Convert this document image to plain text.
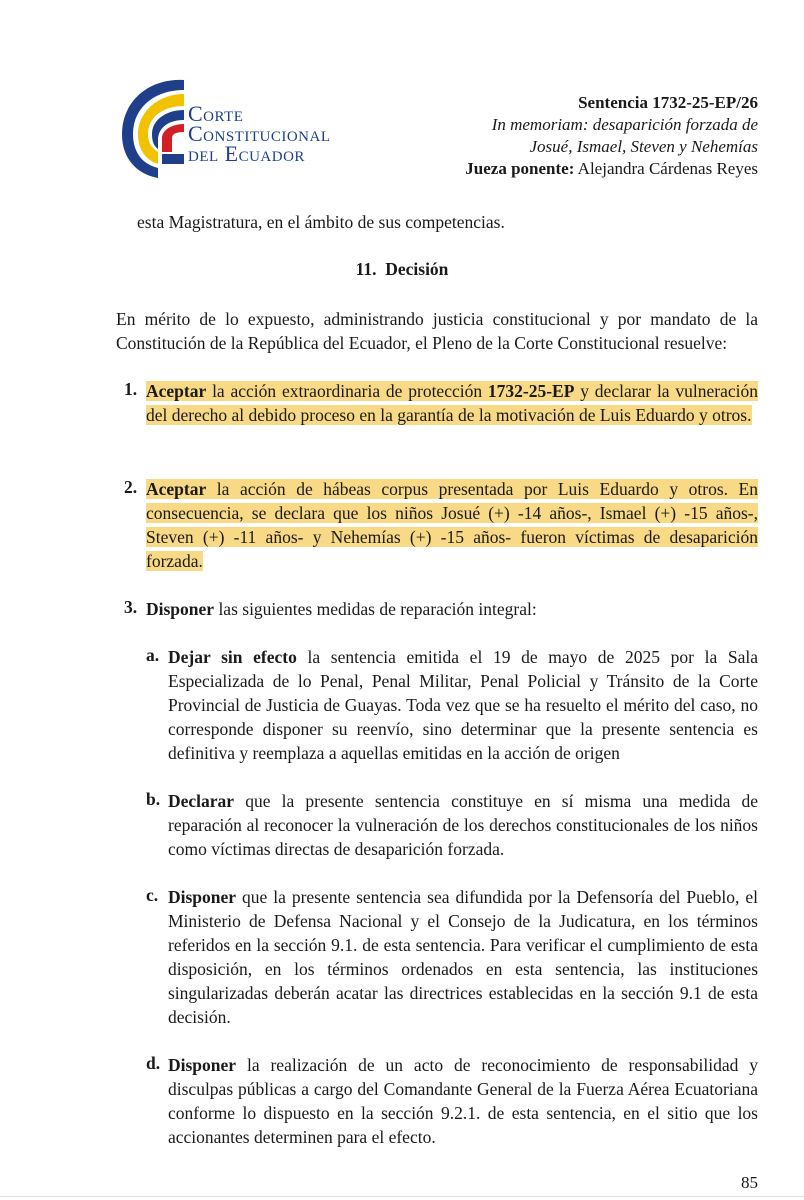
Corte
Constitucional
del Ecuador
Sentencia 1732-25-EP/26
In memoriam: desaparición forzada de
Josué, Ismael, Steven y Nehemías
Jueza ponente: Alejandra Cárdenas Reyes
esta Magistratura, en el ámbito de sus competencias.
11. Decisión
En mérito de lo expuesto, administrando justicia constitucional y por mandato de la Constitución de la República del Ecuador, el Pleno de la Corte Constitucional resuelve:
1. Aceptar la acción extraordinaria de protección 1732-25-EP y declarar la vulneración del derecho al debido proceso en la garantía de la motivación de Luis Eduardo y otros.
2. Aceptar la acción de hábeas corpus presentada por Luis Eduardo y otros. En consecuencia, se declara que los niños Josué (+) -14 años-, Ismael (+) -15 años-, Steven (+) -11 años- y Nehemías (+) -15 años- fueron víctimas de desaparición forzada.
3. Disponer las siguientes medidas de reparación integral:
a. Dejar sin efecto la sentencia emitida el 19 de mayo de 2025 por la Sala Especializada de lo Penal, Penal Militar, Penal Policial y Tránsito de la Corte Provincial de Justicia de Guayas. Toda vez que se ha resuelto el mérito del caso, no corresponde disponer su reenvío, sino determinar que la presente sentencia es definitiva y reemplaza a aquellas emitidas en la acción de origen
b. Declarar que la presente sentencia constituye en sí misma una medida de reparación al reconocer la vulneración de los derechos constitucionales de los niños como víctimas directas de desaparición forzada.
c. Disponer que la presente sentencia sea difundida por la Defensoría del Pueblo, el Ministerio de Defensa Nacional y el Consejo de la Judicatura, en los términos referidos en la sección 9.1. de esta sentencia. Para verificar el cumplimiento de esta disposición, en los términos ordenados en esta sentencia, las instituciones singularizadas deberán acatar las directrices establecidas en la sección 9.1 de esta decisión.
d. Disponer la realización de un acto de reconocimiento de responsabilidad y disculpas públicas a cargo del Comandante General de la Fuerza Aérea Ecuatoriana conforme lo dispuesto en la sección 9.2.1. de esta sentencia, en el sitio que los accionantes determinen para el efecto.
85
